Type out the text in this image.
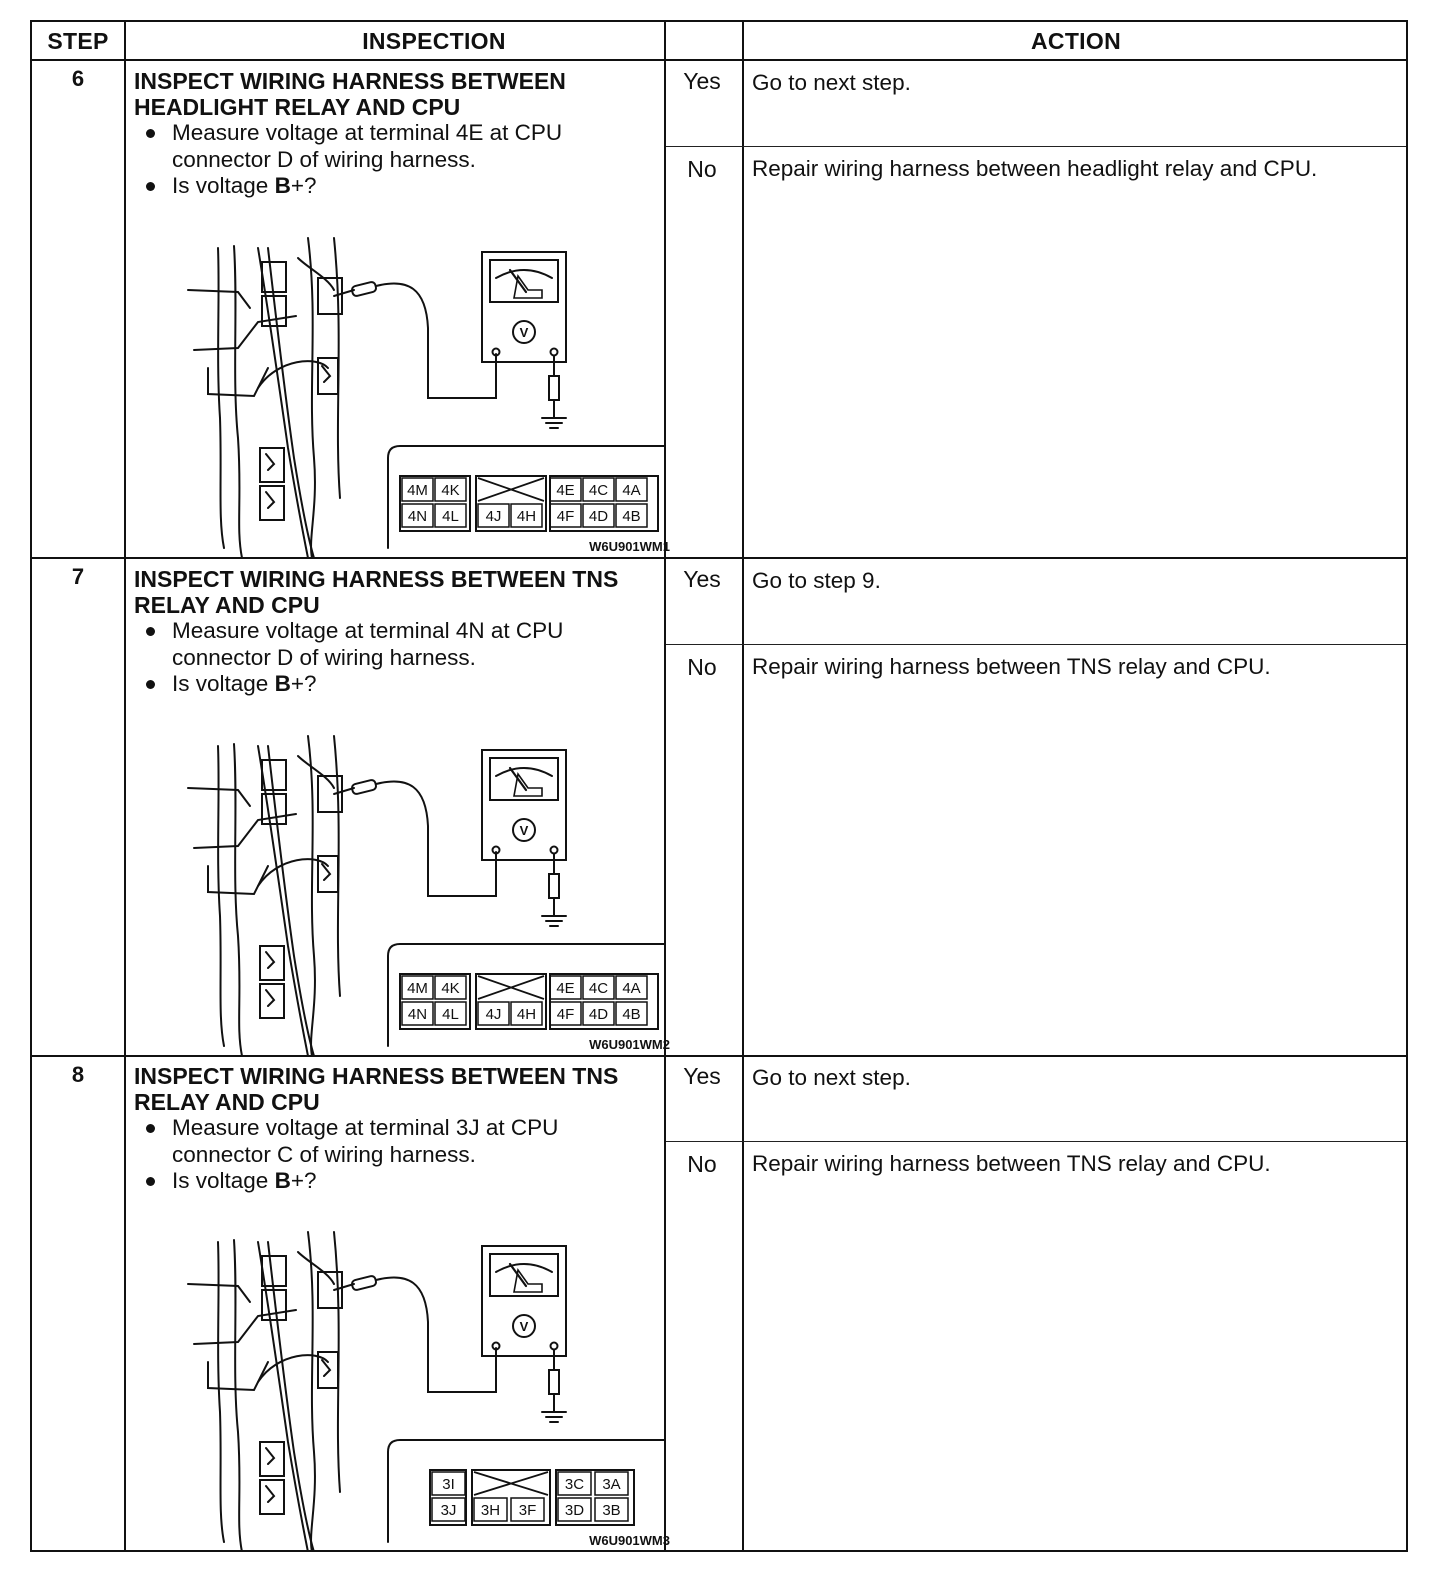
STEP	INSPECTION	ACTION
6	INSPECT WIRING HARNESS BETWEEN
HEADLIGHT RELAY AND CPU
Measure voltage at terminal 4E at CPU connector D of wiring harness.
Is voltage B+?
Yes	Go to next step.
No	Repair wiring harness between headlight relay and CPU.
V
4M 4K	4E 4C 4A
4N 4L 4J 4H 4F 4D 4B
W6U901WM1
7	INSPECT WIRING HARNESS BETWEEN TNS
RELAY AND CPU
Measure voltage at terminal 4N at CPU connector D of wiring harness.
Is voltage B+?
Yes	Go to step 9.
No	Repair wiring harness between TNS relay and CPU.
V
4M 4K	4E 4C 4A
4N 4L 4J 4H 4F 4D 4B
W6U901WM2
8	INSPECT WIRING HARNESS BETWEEN TNS
RELAY AND CPU
Measure voltage at terminal 3J at CPU connector C of wiring harness.
Is voltage B+?
Yes	Go to next step.
No	Repair wiring harness between TNS relay and CPU.
V
3I	3C 3A
3J 3H 3F 3D 3B
W6U901WM3
